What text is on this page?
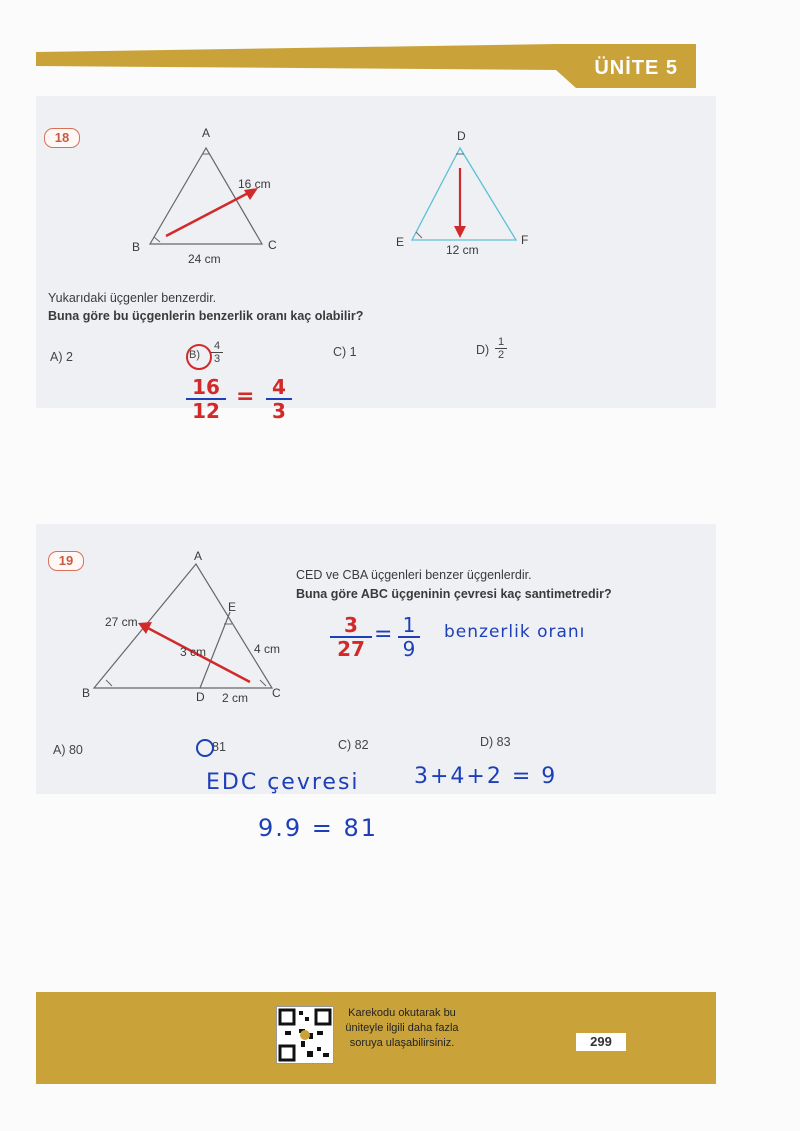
ÜNİTE 5
18	A
B	C
16 cm
24 cm
D
E	F
12 cm
Yukarıdaki üçgenler benzerdir.
Buna göre bu üçgenlerin benzerlik oranı kaç olabilir?
A) 2	$B) \frac{4}{3}$	C) 1	$D) \frac{1}{2}$
$\frac{16}{12} = \frac{4}{3}$
19	A
E
B	D	C
27 cm
3 cm	4 cm
2 cm
CED ve CBA üçgenleri benzer üçgenlerdir.
Buna göre ABC üçgeninin çevresi kaç santimetredir?
$\frac{3}{27} = \frac{1}{9}$ benzerlik oranı
A) 80	81	C) 82	D) 83
EDC çevresi 3+4+2 = 9
9.9 = 81
Karekodu okutarak bu üniteyle ilgili daha fazla soruya ulaşabilirsiniz.	299
